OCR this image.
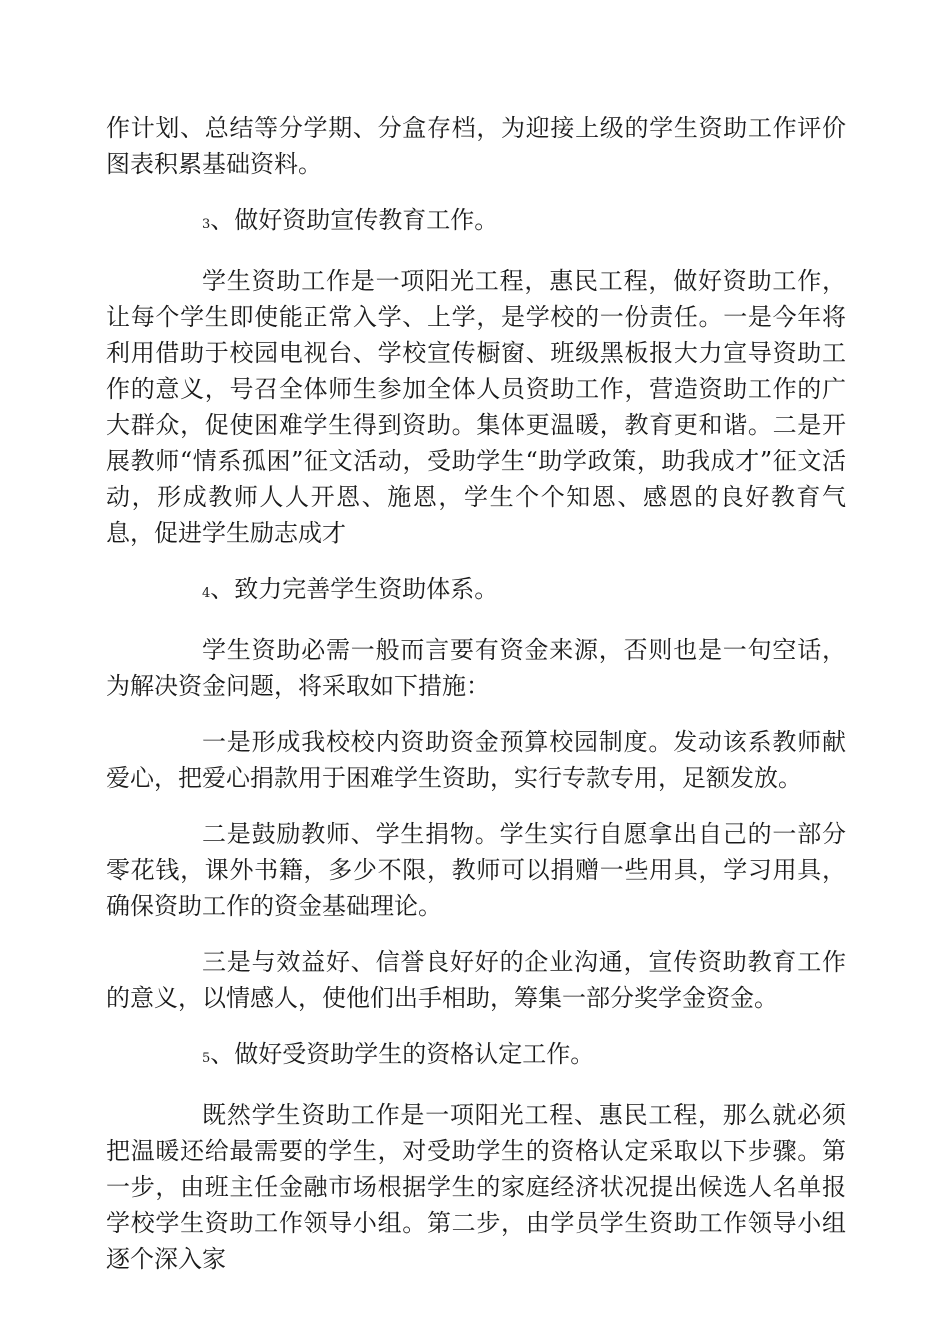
作计划、总结等分学期、分盒存档，为迎接上级的学生资助工作评价图表积累基础资料。

3、做好资助宣传教育工作。

学生资助工作是一项阳光工程，惠民工程，做好资助工作，让每个学生即使能正常入学、上学，是学校的一份责任。一是今年将利用借助于校园电视台、学校宣传橱窗、班级黑板报大力宣导资助工作的意义，号召全体师生参加全体人员资助工作，营造资助工作的广大群众，促使困难学生得到资助。集体更温暖，教育更和谐。二是开展教师“情系孤困”征文活动，受助学生“助学政策，助我成才”征文活动，形成教师人人开恩、施恩，学生个个知恩、感恩的良好教育气息，促进学生励志成才

4、致力完善学生资助体系。

学生资助必需一般而言要有资金来源，否则也是一句空话，为解决资金问题，将采取如下措施：

一是形成我校校内资助资金预算校园制度。发动该系教师献爱心，把爱心捐款用于困难学生资助，实行专款专用，足额发放。

二是鼓励教师、学生捐物。学生实行自愿拿出自己的一部分零花钱，课外书籍，多少不限，教师可以捐赠一些用具，学习用具，确保资助工作的资金基础理论。

三是与效益好、信誉良好好的企业沟通，宣传资助教育工作的意义，以情感人，使他们出手相助，筹集一部分奖学金资金。

5、做好受资助学生的资格认定工作。

既然学生资助工作是一项阳光工程、惠民工程，那么就必须把温暖还给最需要的学生，对受助学生的资格认定采取以下步骤。第一步，由班主任金融市场根据学生的家庭经济状况提出候选人名单报学校学生资助工作领导小组。第二步，由学员学生资助工作领导小组逐个深入家
